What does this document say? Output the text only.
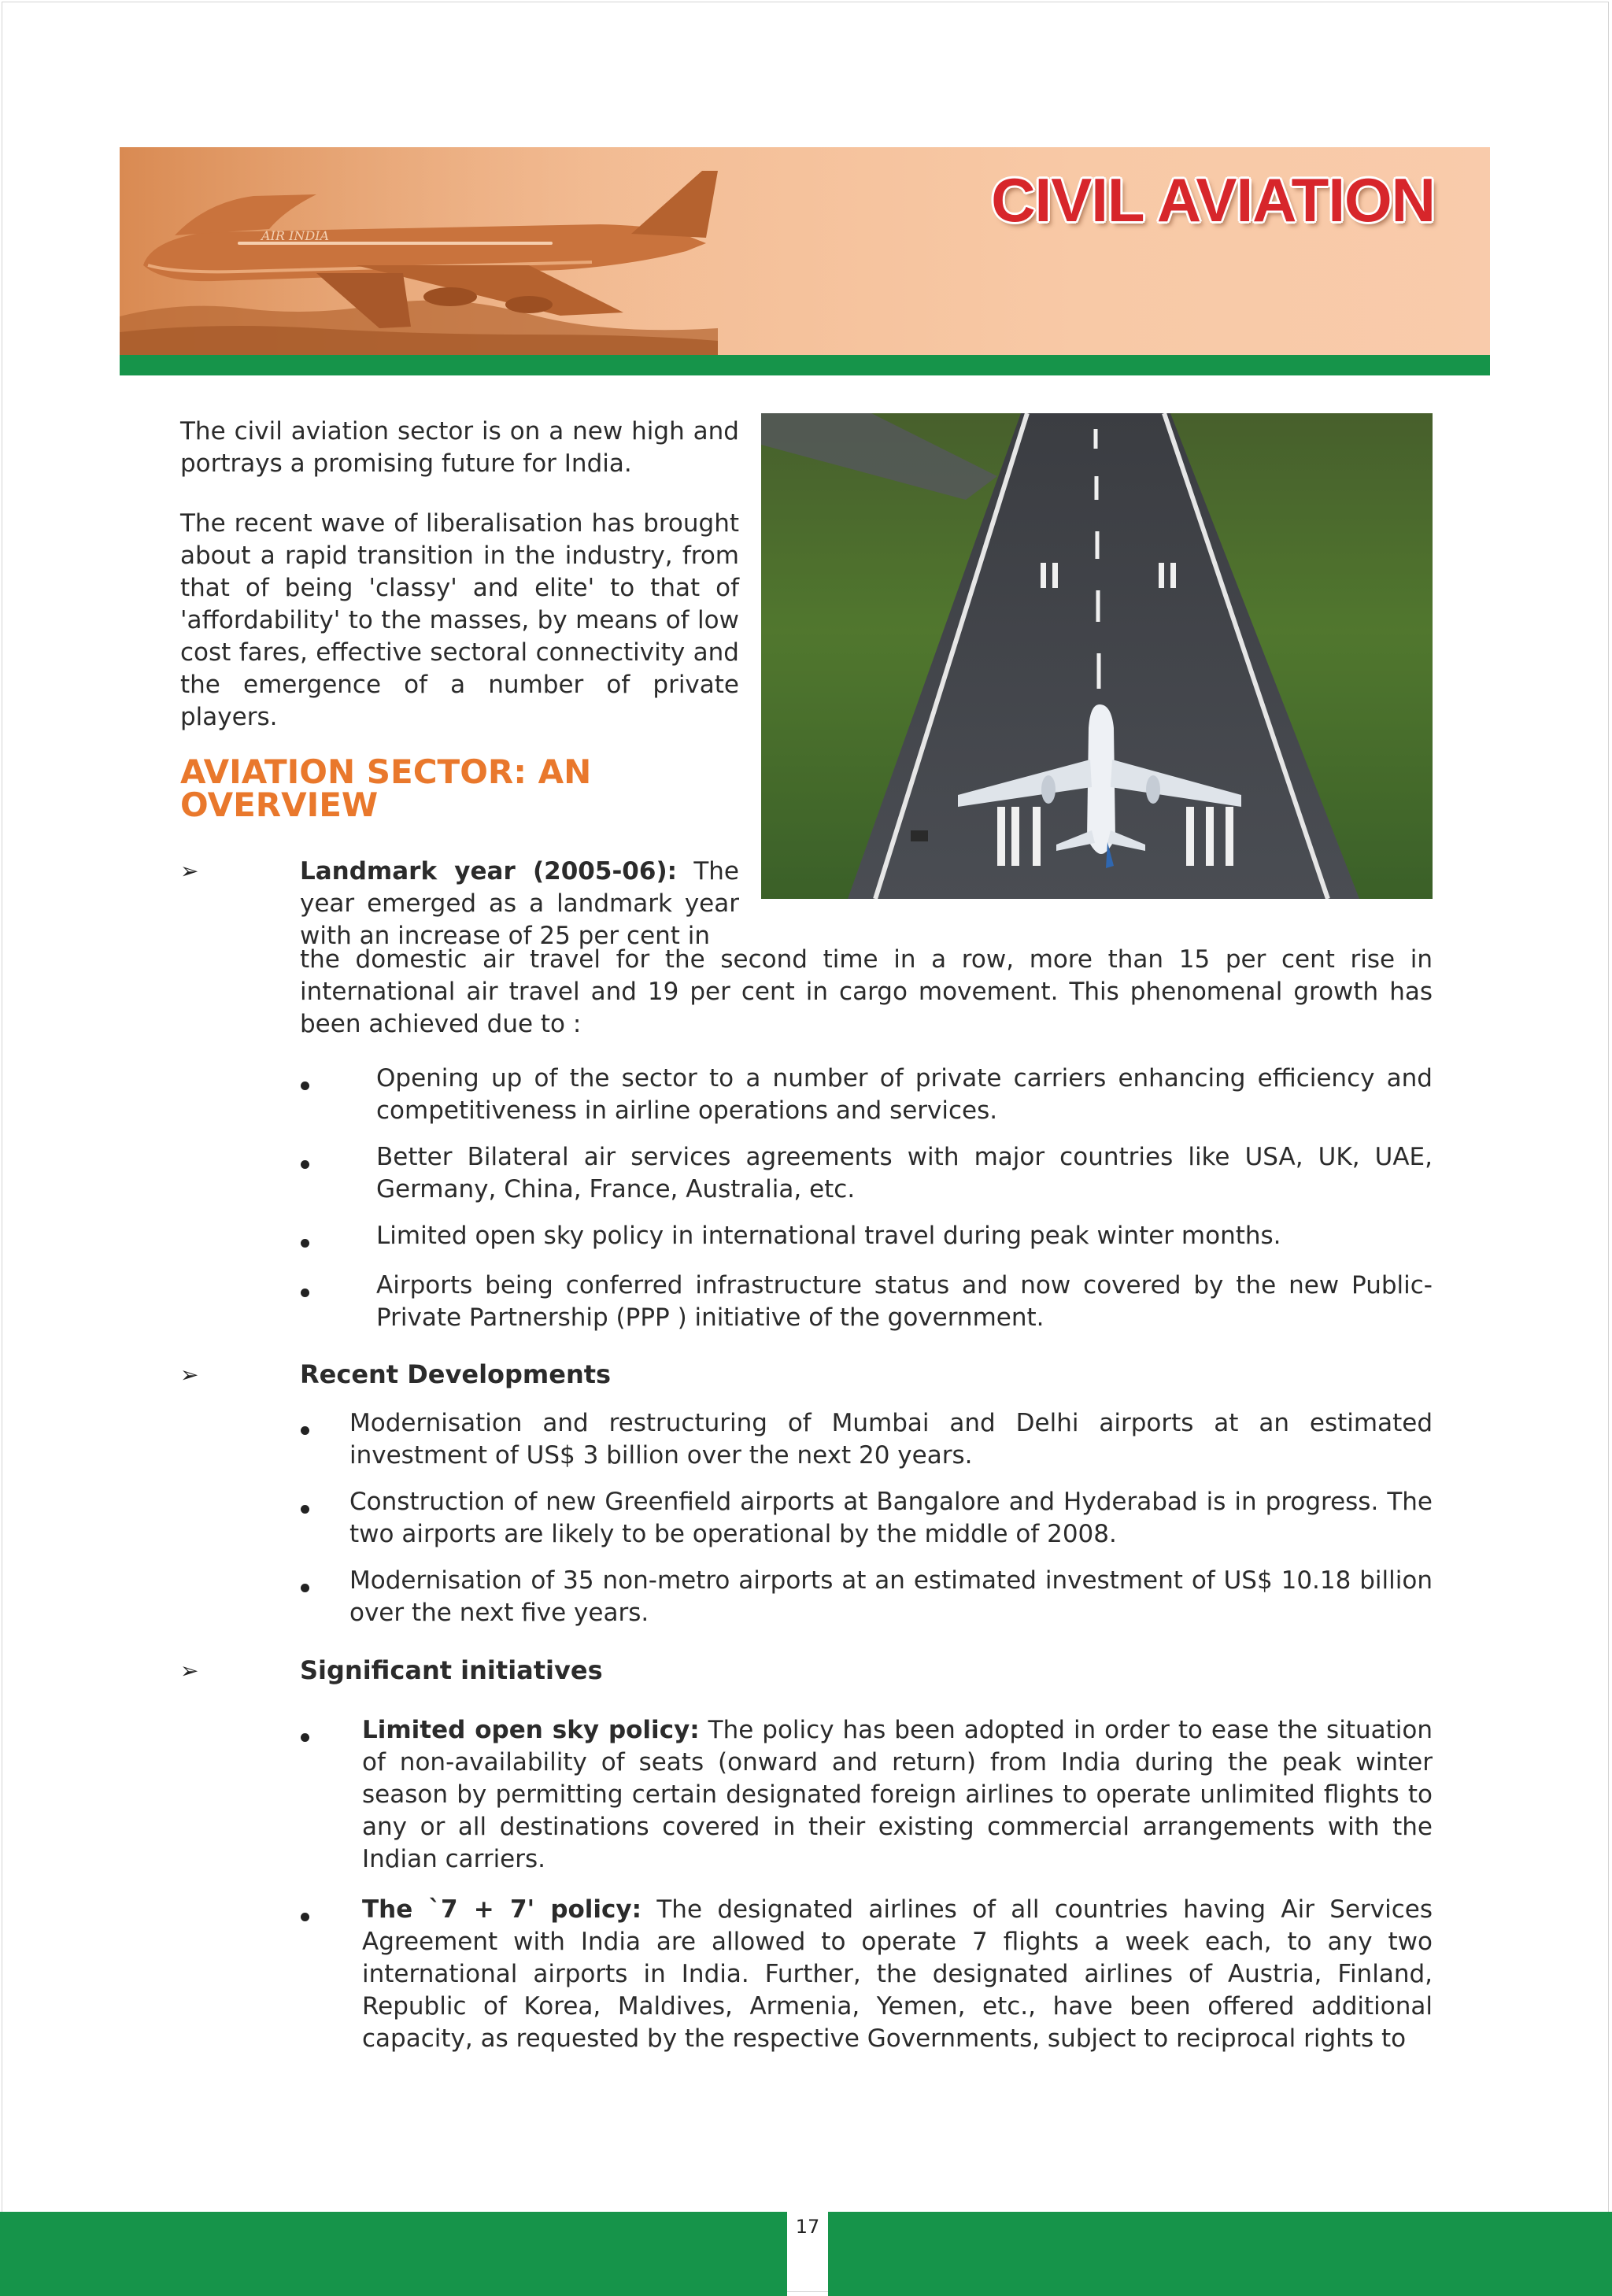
AIR INDIA
CIVIL AVIATION

The civil aviation sector is on a new high and portrays a promising future for India.

The recent wave of liberalisation has brought about a rapid transition in the industry, from that of being 'classy' and elite' to that of 'affordability' to the masses, by means of low cost fares, effective sectoral connectivity and the emergence of a number of private players.

AVIATION SECTOR: AN OVERVIEW
➢	Landmark year (2005-06): The year emerged as a landmark year with an increase of 25 per cent in

the domestic air travel for the second time in a row, more than 15 per cent rise in international air travel and 19 per cent in cargo movement. This phenomenal growth has been achieved due to :

Opening up of the sector to a number of private carriers enhancing efficiency and competitiveness in airline operations and services.

Better Bilateral air services agreements with major countries like USA, UK, UAE, Germany, China, France, Australia, etc.

Limited open sky policy in international travel during peak winter months.

Airports being conferred infrastructure status and now covered by the new Public-Private Partnership (PPP ) initiative of the government.

➢	Recent Developments

Modernisation and restructuring of Mumbai and Delhi airports at an estimated investment of US$ 3 billion over the next 20 years.

Construction of new Greenfield airports at Bangalore and Hyderabad is in progress. The two airports are likely to be operational by the middle of 2008.

Modernisation of 35 non-metro airports at an estimated investment of US$ 10.18 billion over the next five years.

➢	Significant initiatives

Limited open sky policy: The policy has been adopted in order to ease the situation of non-availability of seats (onward and return) from India during the peak winter season by permitting certain designated foreign airlines to operate unlimited flights to any or all destinations covered in their existing commercial arrangements with the Indian carriers.

The `7 + 7' policy: The designated airlines of all countries having Air Services Agreement with India are allowed to operate 7 flights a week each, to any two international airports in India. Further, the designated airlines of Austria, Finland, Republic of Korea, Maldives, Armenia, Yemen, etc., have been offered additional capacity, as requested by the respective Governments, subject to reciprocal rights to

17
